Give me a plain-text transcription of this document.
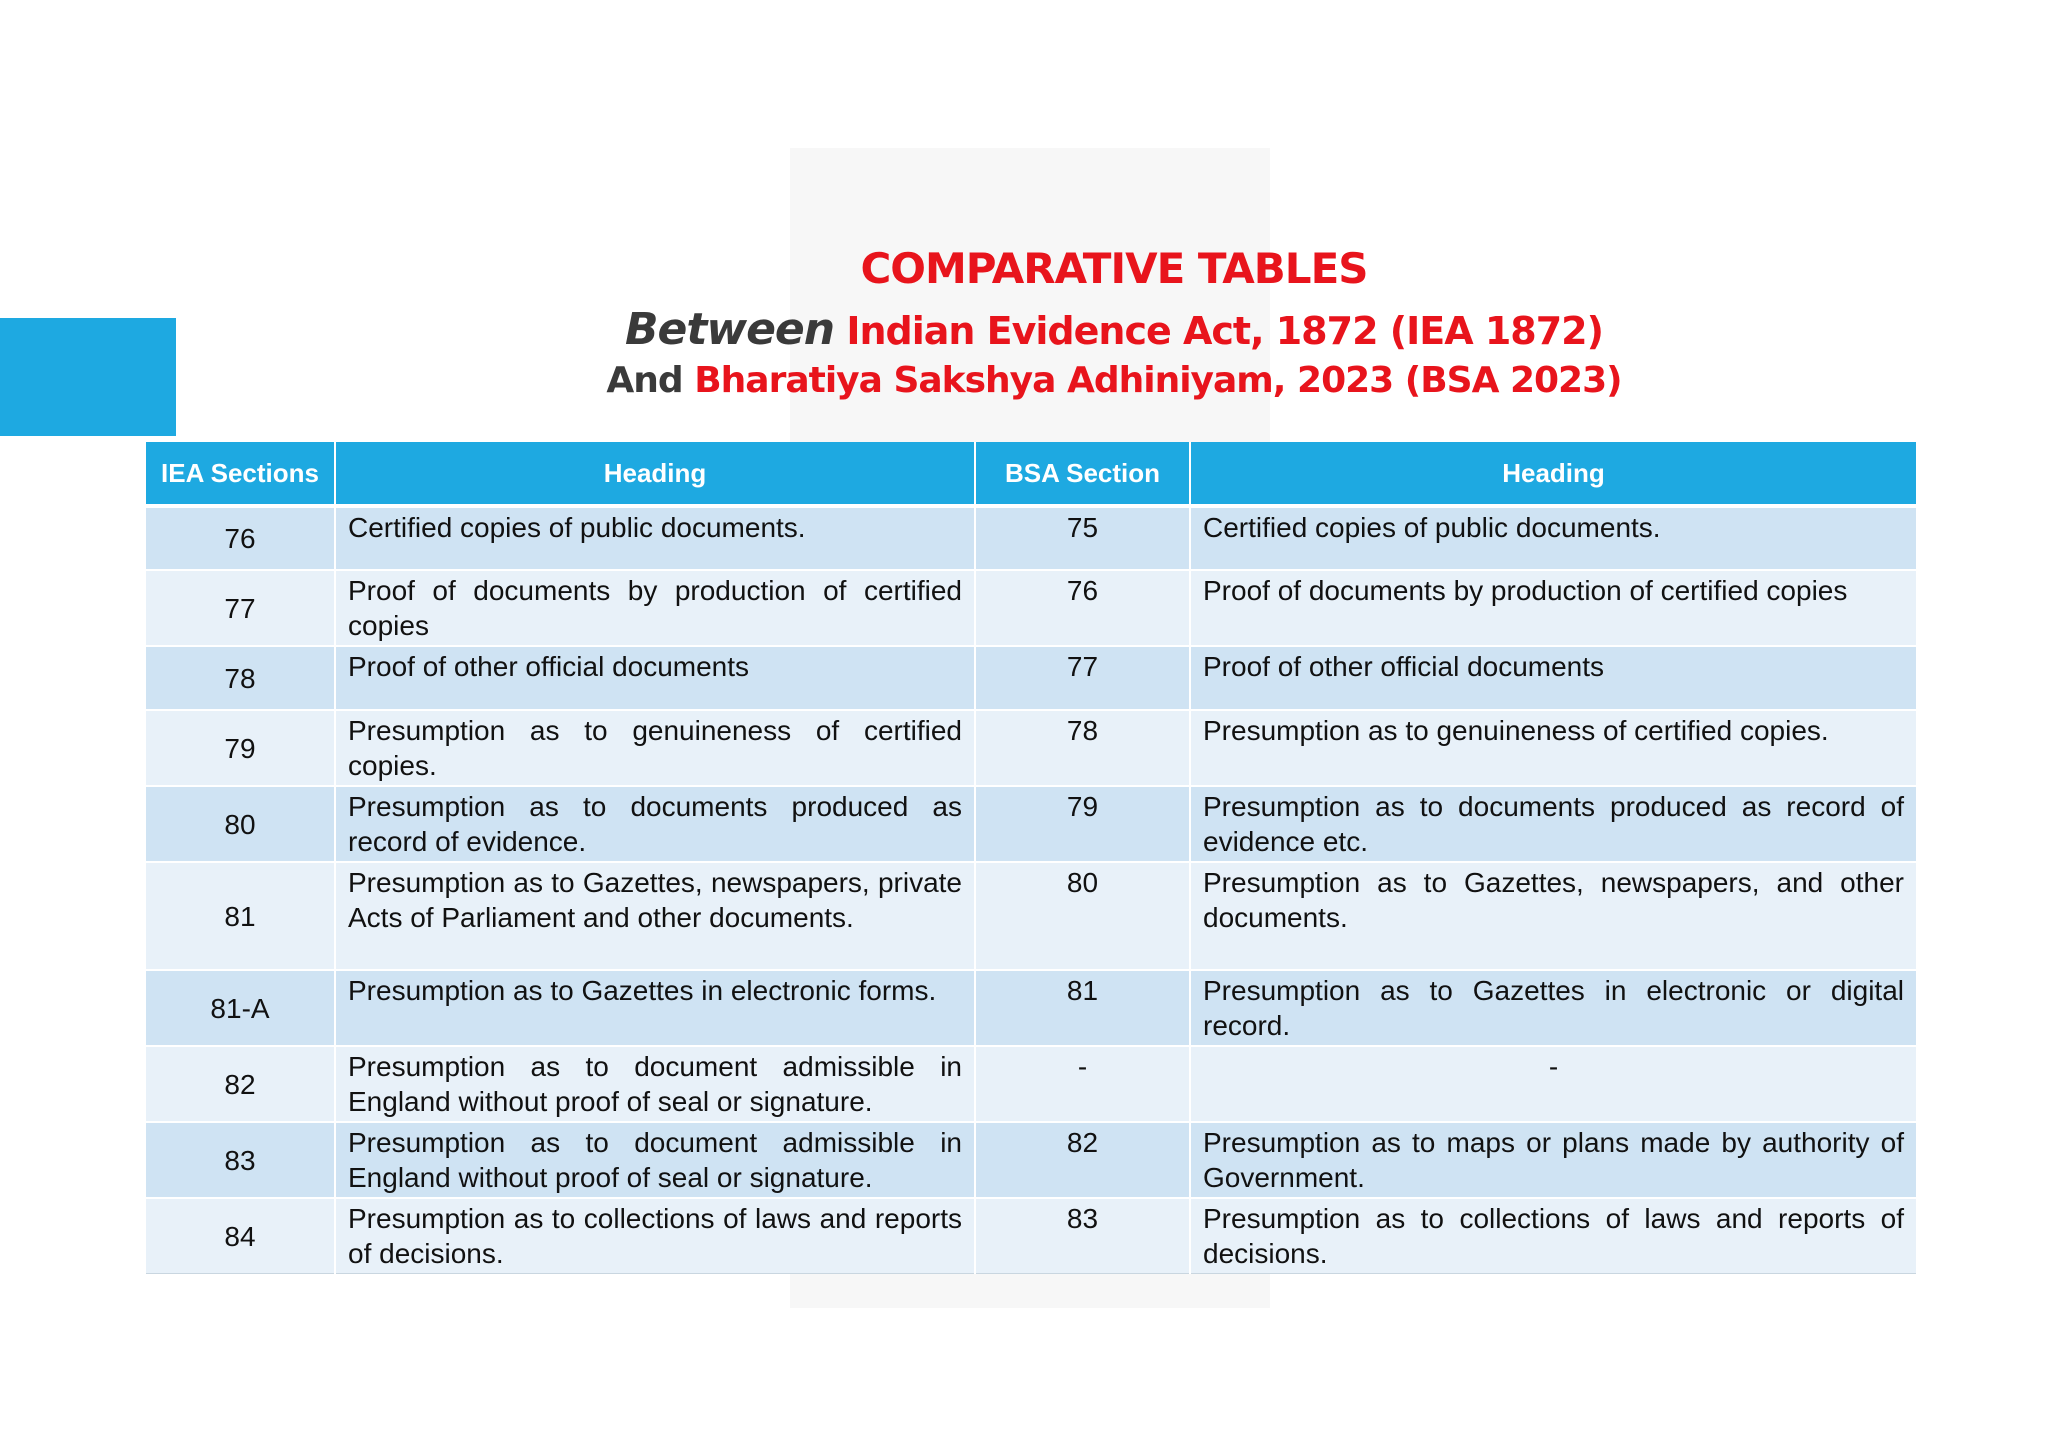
COMPARATIVE TABLES
Between Indian Evidence Act, 1872 (IEA 1872)
And Bharatiya Sakshya Adhiniyam, 2023 (BSA 2023)
IEA Sections	Heading	BSA Section	Heading
76	Certified copies of public documents.	75	Certified copies of public documents.
77	Proof of documents by production of certified copies	76	Proof of documents by production of certified copies
78	Proof of other official documents	77	Proof of other official documents
79	Presumption as to genuineness of certified copies.	78	Presumption as to genuineness of certified copies.
80	Presumption as to documents produced as record of evidence.	79	Presumption as to documents produced as record of evidence etc.
81	Presumption as to Gazettes, newspapers, private Acts of Parliament and other documents.	80	Presumption as to Gazettes, newspapers, and other documents.
81-A	Presumption as to Gazettes in electronic forms.	81	Presumption as to Gazettes in electronic or digital record.
82	Presumption as to document admissible in England without proof of seal or signature.	-	-
83	Presumption as to document admissible in England without proof of seal or signature.	82	Presumption as to maps or plans made by authority of Government.
84	Presumption as to collections of laws and reports of decisions.	83	Presumption as to collections of laws and reports of decisions.
